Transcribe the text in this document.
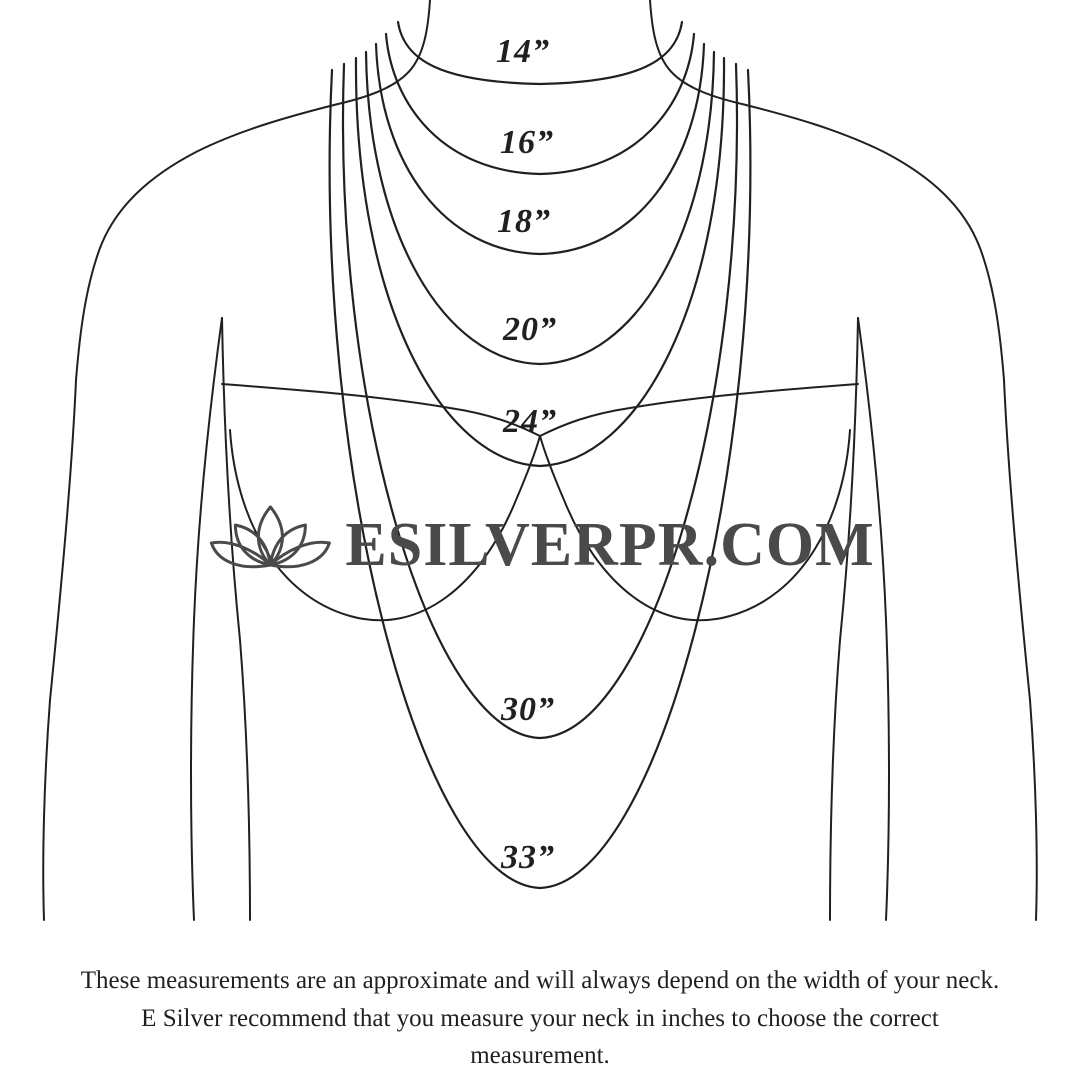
14”
16”
18”
20”
24”
30”
33”
ESILVERPR.COM
These measurements are an approximate and will always depend on the width of your neck. E Silver recommend that you measure your neck in inches to choose the correct measurement.
